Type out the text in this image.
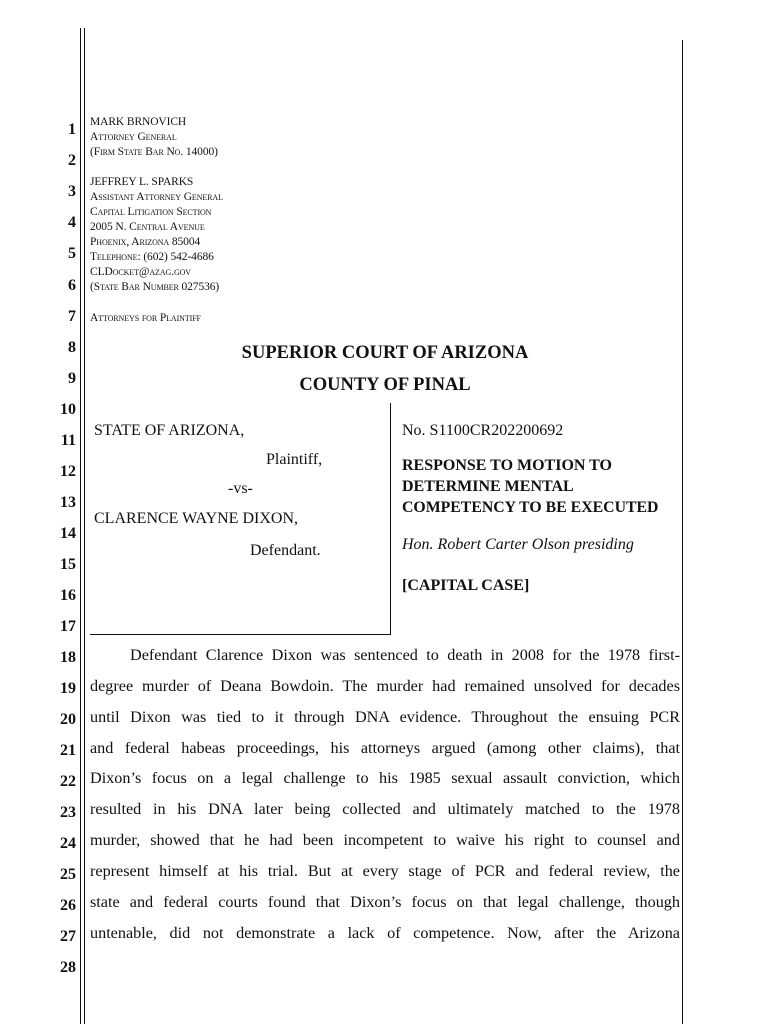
1
2
3
4
5
6
7
8
9
10
11
12
13
14
15
16
17
18
19
20
21
22
23
24
25
26
27
28
MARK BRNOVICH
Attorney General
(Firm State Bar No. 14000)
JEFFREY L. SPARKS
Assistant Attorney General
Capital Litigation Section
2005 N. Central Avenue
Phoenix, Arizona 85004
Telephone: (602) 542-4686
CLDocket@azag.gov
(State Bar Number 027536)
Attorneys for Plaintiff
SUPERIOR COURT OF ARIZONA
COUNTY OF PINAL
STATE OF ARIZONA,
Plaintiff,
-vs-
CLARENCE WAYNE DIXON,
Defendant.
No. S1100CR202200692
RESPONSE TO MOTION TO
DETERMINE MENTAL
COMPETENCY TO BE EXECUTED
Hon. Robert Carter Olson presiding
[CAPITAL CASE]
Defendant Clarence Dixon was sentenced to death in 2008 for the 1978 first-
degree murder of Deana Bowdoin. The murder had remained unsolved for decades
until Dixon was tied to it through DNA evidence. Throughout the ensuing PCR
and federal habeas proceedings, his attorneys argued (among other claims), that
Dixon’s focus on a legal challenge to his 1985 sexual assault conviction, which
resulted in his DNA later being collected and ultimately matched to the 1978
murder, showed that he had been incompetent to waive his right to counsel and
represent himself at his trial. But at every stage of PCR and federal review, the
state and federal courts found that Dixon’s focus on that legal challenge, though
untenable, did not demonstrate a lack of competence. Now, after the Arizona
